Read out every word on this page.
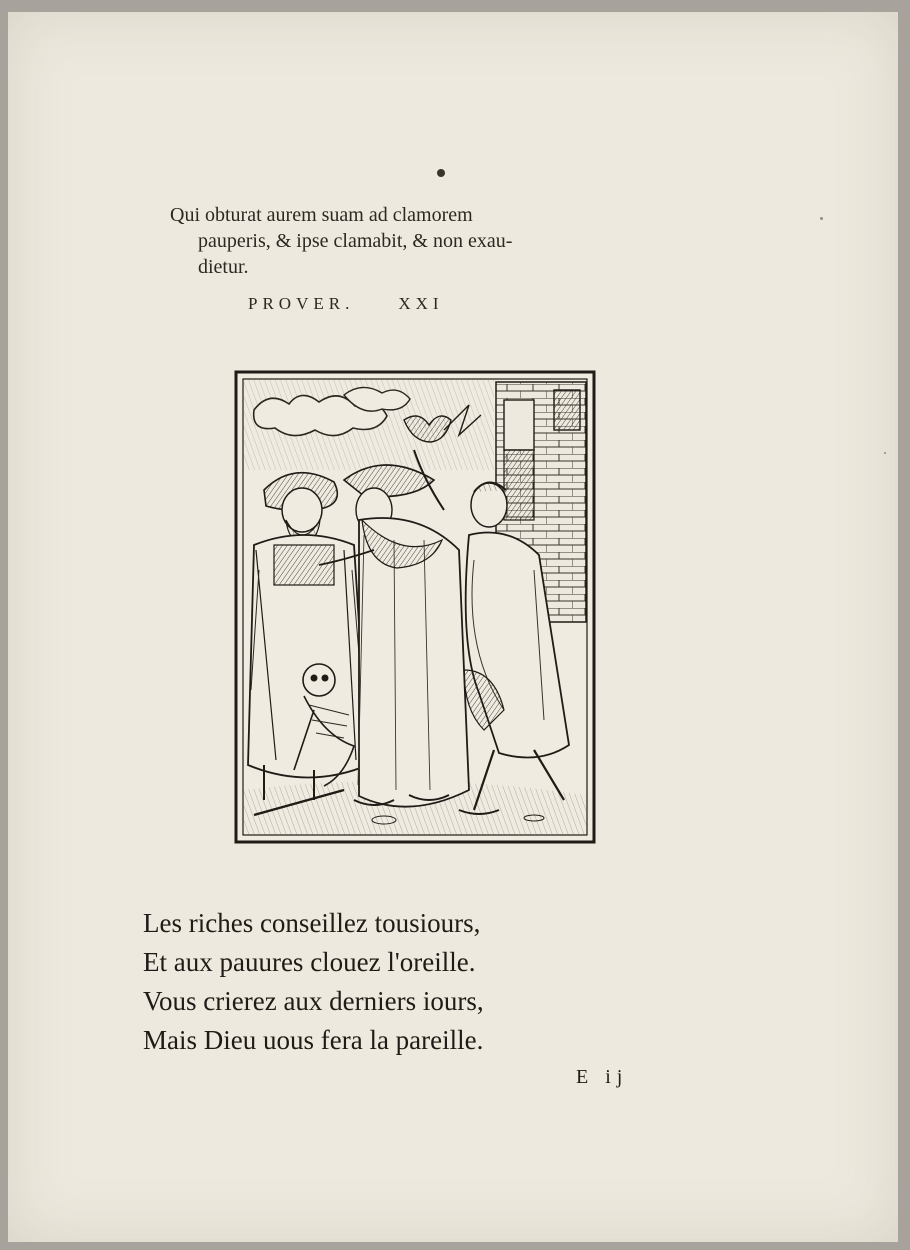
Qui obturat aurem suam ad clamorem
pauperis, & ipse clamabit, & non exau-
dietur.
PROVER.	XXI
Les riches conseillez tousiours,
Et aux pauures clouez l'oreille.
Vous crierez aux derniers iours,
Mais Dieu uous fera la pareille.
E ij
